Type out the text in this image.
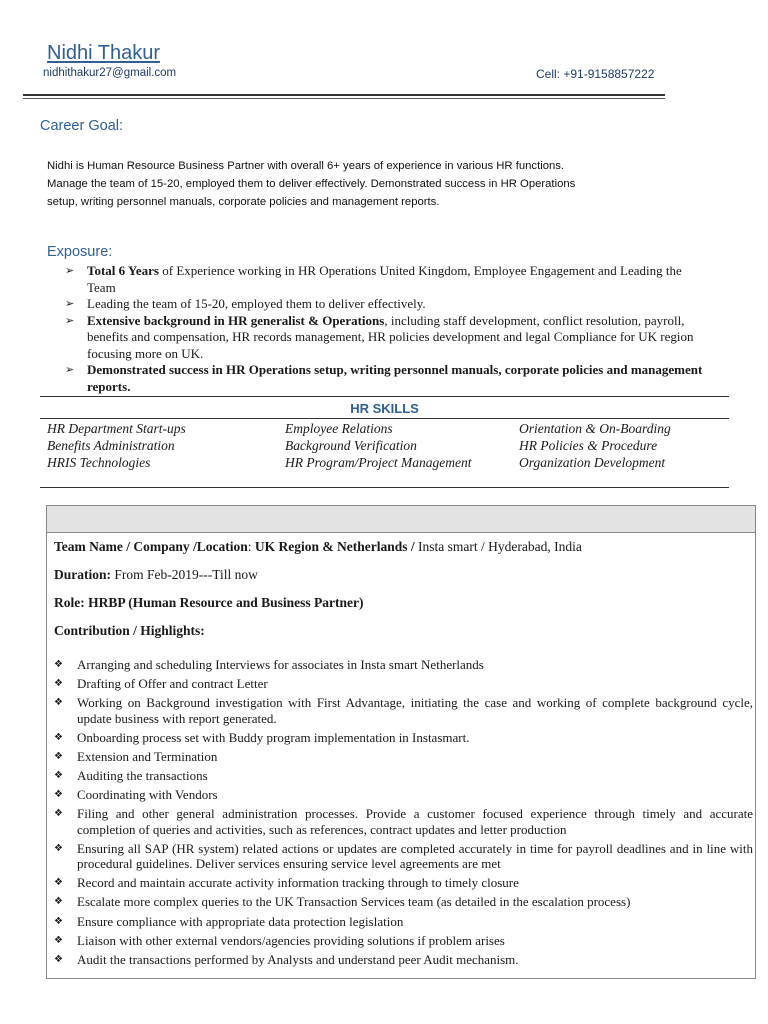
Nidhi Thakur
nidhithakur27@gmail.com	Cell: +91-9158857222
Career Goal:
Nidhi is Human Resource Business Partner with overall 6+ years of experience in various HR functions.
Manage the team of 15-20, employed them to deliver effectively. Demonstrated success in HR Operations
setup, writing personnel manuals, corporate policies and management reports.
Exposure:
➢ Total 6 Years of Experience working in HR Operations United Kingdom, Employee Engagement and Leading the Team
➢ Leading the team of 15-20, employed them to deliver effectively.
➢ Extensive background in HR generalist & Operations, including staff development, conflict resolution, payroll, benefits and compensation, HR records management, HR policies development and legal Compliance for UK region focusing more on UK.
➢ Demonstrated success in HR Operations setup, writing personnel manuals, corporate policies and management reports.
HR SKILLS
HR Department Start-ups	Employee Relations	Orientation & On-Boarding
Benefits Administration	Background Verification	HR Policies & Procedure
HRIS Technologies	HR Program/Project Management	Organization Development
Team Name / Company /Location: UK Region & Netherlands / Insta smart / Hyderabad, India
Duration: From Feb-2019---Till now
Role: HRBP (Human Resource and Business Partner)
Contribution / Highlights:
❖ Arranging and scheduling Interviews for associates in Insta smart Netherlands
❖ Drafting of Offer and contract Letter
❖ Working on Background investigation with First Advantage, initiating the case and working of complete background cycle, update business with report generated.
❖ Onboarding process set with Buddy program implementation in Instasmart.
❖ Extension and Termination
❖ Auditing the transactions
❖ Coordinating with Vendors
❖ Filing and other general administration processes. Provide a customer focused experience through timely and accurate completion of queries and activities, such as references, contract updates and letter production
❖ Ensuring all SAP (HR system) related actions or updates are completed accurately in time for payroll deadlines and in line with procedural guidelines. Deliver services ensuring service level agreements are met
❖ Record and maintain accurate activity information tracking through to timely closure
❖ Escalate more complex queries to the UK Transaction Services team (as detailed in the escalation process)
❖ Ensure compliance with appropriate data protection legislation
❖ Liaison with other external vendors/agencies providing solutions if problem arises
❖ Audit the transactions performed by Analysts and understand peer Audit mechanism.
